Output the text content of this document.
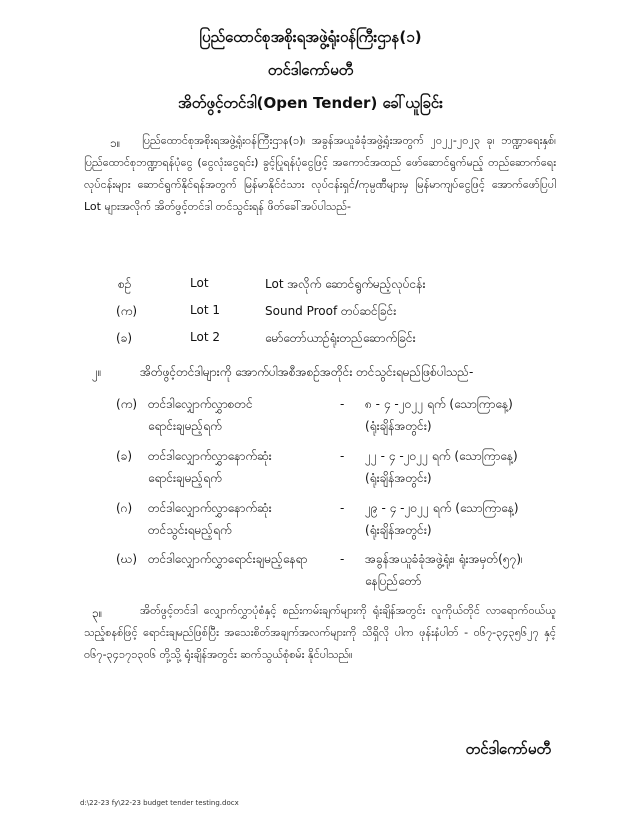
ပြည်ထောင်စုအစိုးရအဖွဲ့ရုံး၀န်ကြီးဌာန(၁)
တင်ဒါကော်မတီ
အိတ်ဖွင့်တင်ဒါ(Open Tender) ခေါ်ယူခြင်း
၁။	ပြည်ထောင်စုအစိုးရအဖွဲ့ရုံး၀န်ကြီးဌာန(၁)၊ အခွန်အယူခံခုံအဖွဲ့ရုံးအတွက် ၂၀၂၂-၂၀၂၃ ခု၊ ဘဏ္ဍာရေးနှစ်၊ ပြည်ထောင်စုဘဏ္ဍာရန်ပုံငွေ (ငွေလုံးငွေရင်း) ခွင့်ပြုရန်ပုံငွေဖြင့် အကောင်အထည် ဖော်ဆောင်ရွက်မည့် တည်ဆောက်ရေးလုပ်ငန်းများ ဆောင်ရွက်နိုင်ရန်အတွက် မြန်မာနိုင်ငံသား လုပ်ငန်းရှင်/ကုမ္ပဏီများမှ မြန်မာကျပ်ငွေဖြင့် အောက်ဖော်ပြပါ Lot များအလိုက် အိတ်ဖွင့်တင်ဒါ တင်သွင်းရန် ဖိတ်ခေါ်အပ်ပါသည်-
စဉ်	Lot	Lot အလိုက် ဆောင်ရွက်မည့်လုပ်ငန်း
(က)	Lot 1	Sound Proof တပ်ဆင်ခြင်း
(ခ)	Lot 2	မော်တော်ယာဉ်ရုံးတည်ဆောက်ခြင်း
၂။	အိတ်ဖွင့်တင်ဒါများကို အောက်ပါအစီအစဉ်အတိုင်း တင်သွင်းရမည်ဖြစ်ပါသည်-
(က) တင်ဒါလျှောက်လွှာစတင်
ရောင်းချမည့်ရက်
- ၈ - ၄ -၂၀၂၂ ရက် (သောကြာနေ့)
(ရုံးချိန်အတွင်း)
(ခ) တင်ဒါလျှောက်လွှာနောက်ဆုံး
ရောင်းချမည့်ရက်
- ၂၂ - ၄ -၂၀၂၂ ရက် (သောကြာနေ့)
(ရုံးချိန်အတွင်း)
(ဂ) တင်ဒါလျှောက်လွှာနောက်ဆုံး
တင်သွင်းရမည့်ရက်
- ၂၉ - ၄ -၂၀၂၂ ရက် (သောကြာနေ့)
(ရုံးချိန်အတွင်း)
(ဃ) တင်ဒါလျှောက်လွှာရောင်းချမည့်နေရာ	- အခွန်အယူခံခုံအဖွဲ့ရုံး၊ ရုံးအမှတ်(၅၇)၊
နေပြည်တော်
၃။	အိတ်ဖွင့်တင်ဒါ လျှောက်လွှာပုံစံနှင့် စည်းကမ်းချက်များကို ရုံးချိန်အတွင်း လူကိုယ်တိုင် လာရောက်ဝယ်ယူသည့်စနစ်ဖြင့် ရောင်းချမည်ဖြစ်ပြီး အသေးစိတ်အချက်အလက်များကို သိရှိလို ပါက ဖုန်းနံပါတ် - ၀၆၇-၃၄၃၅၆၂၇ နှင့် ၀၆၇-၃၄၁၇၁၃၀၆ တို့သို့ ရုံးချိန်အတွင်း ဆက်သွယ်စုံစမ်း နိုင်ပါသည်။
တင်ဒါကော်မတီ
d:\22-23 fy\22-23 budget tender testing.docx
